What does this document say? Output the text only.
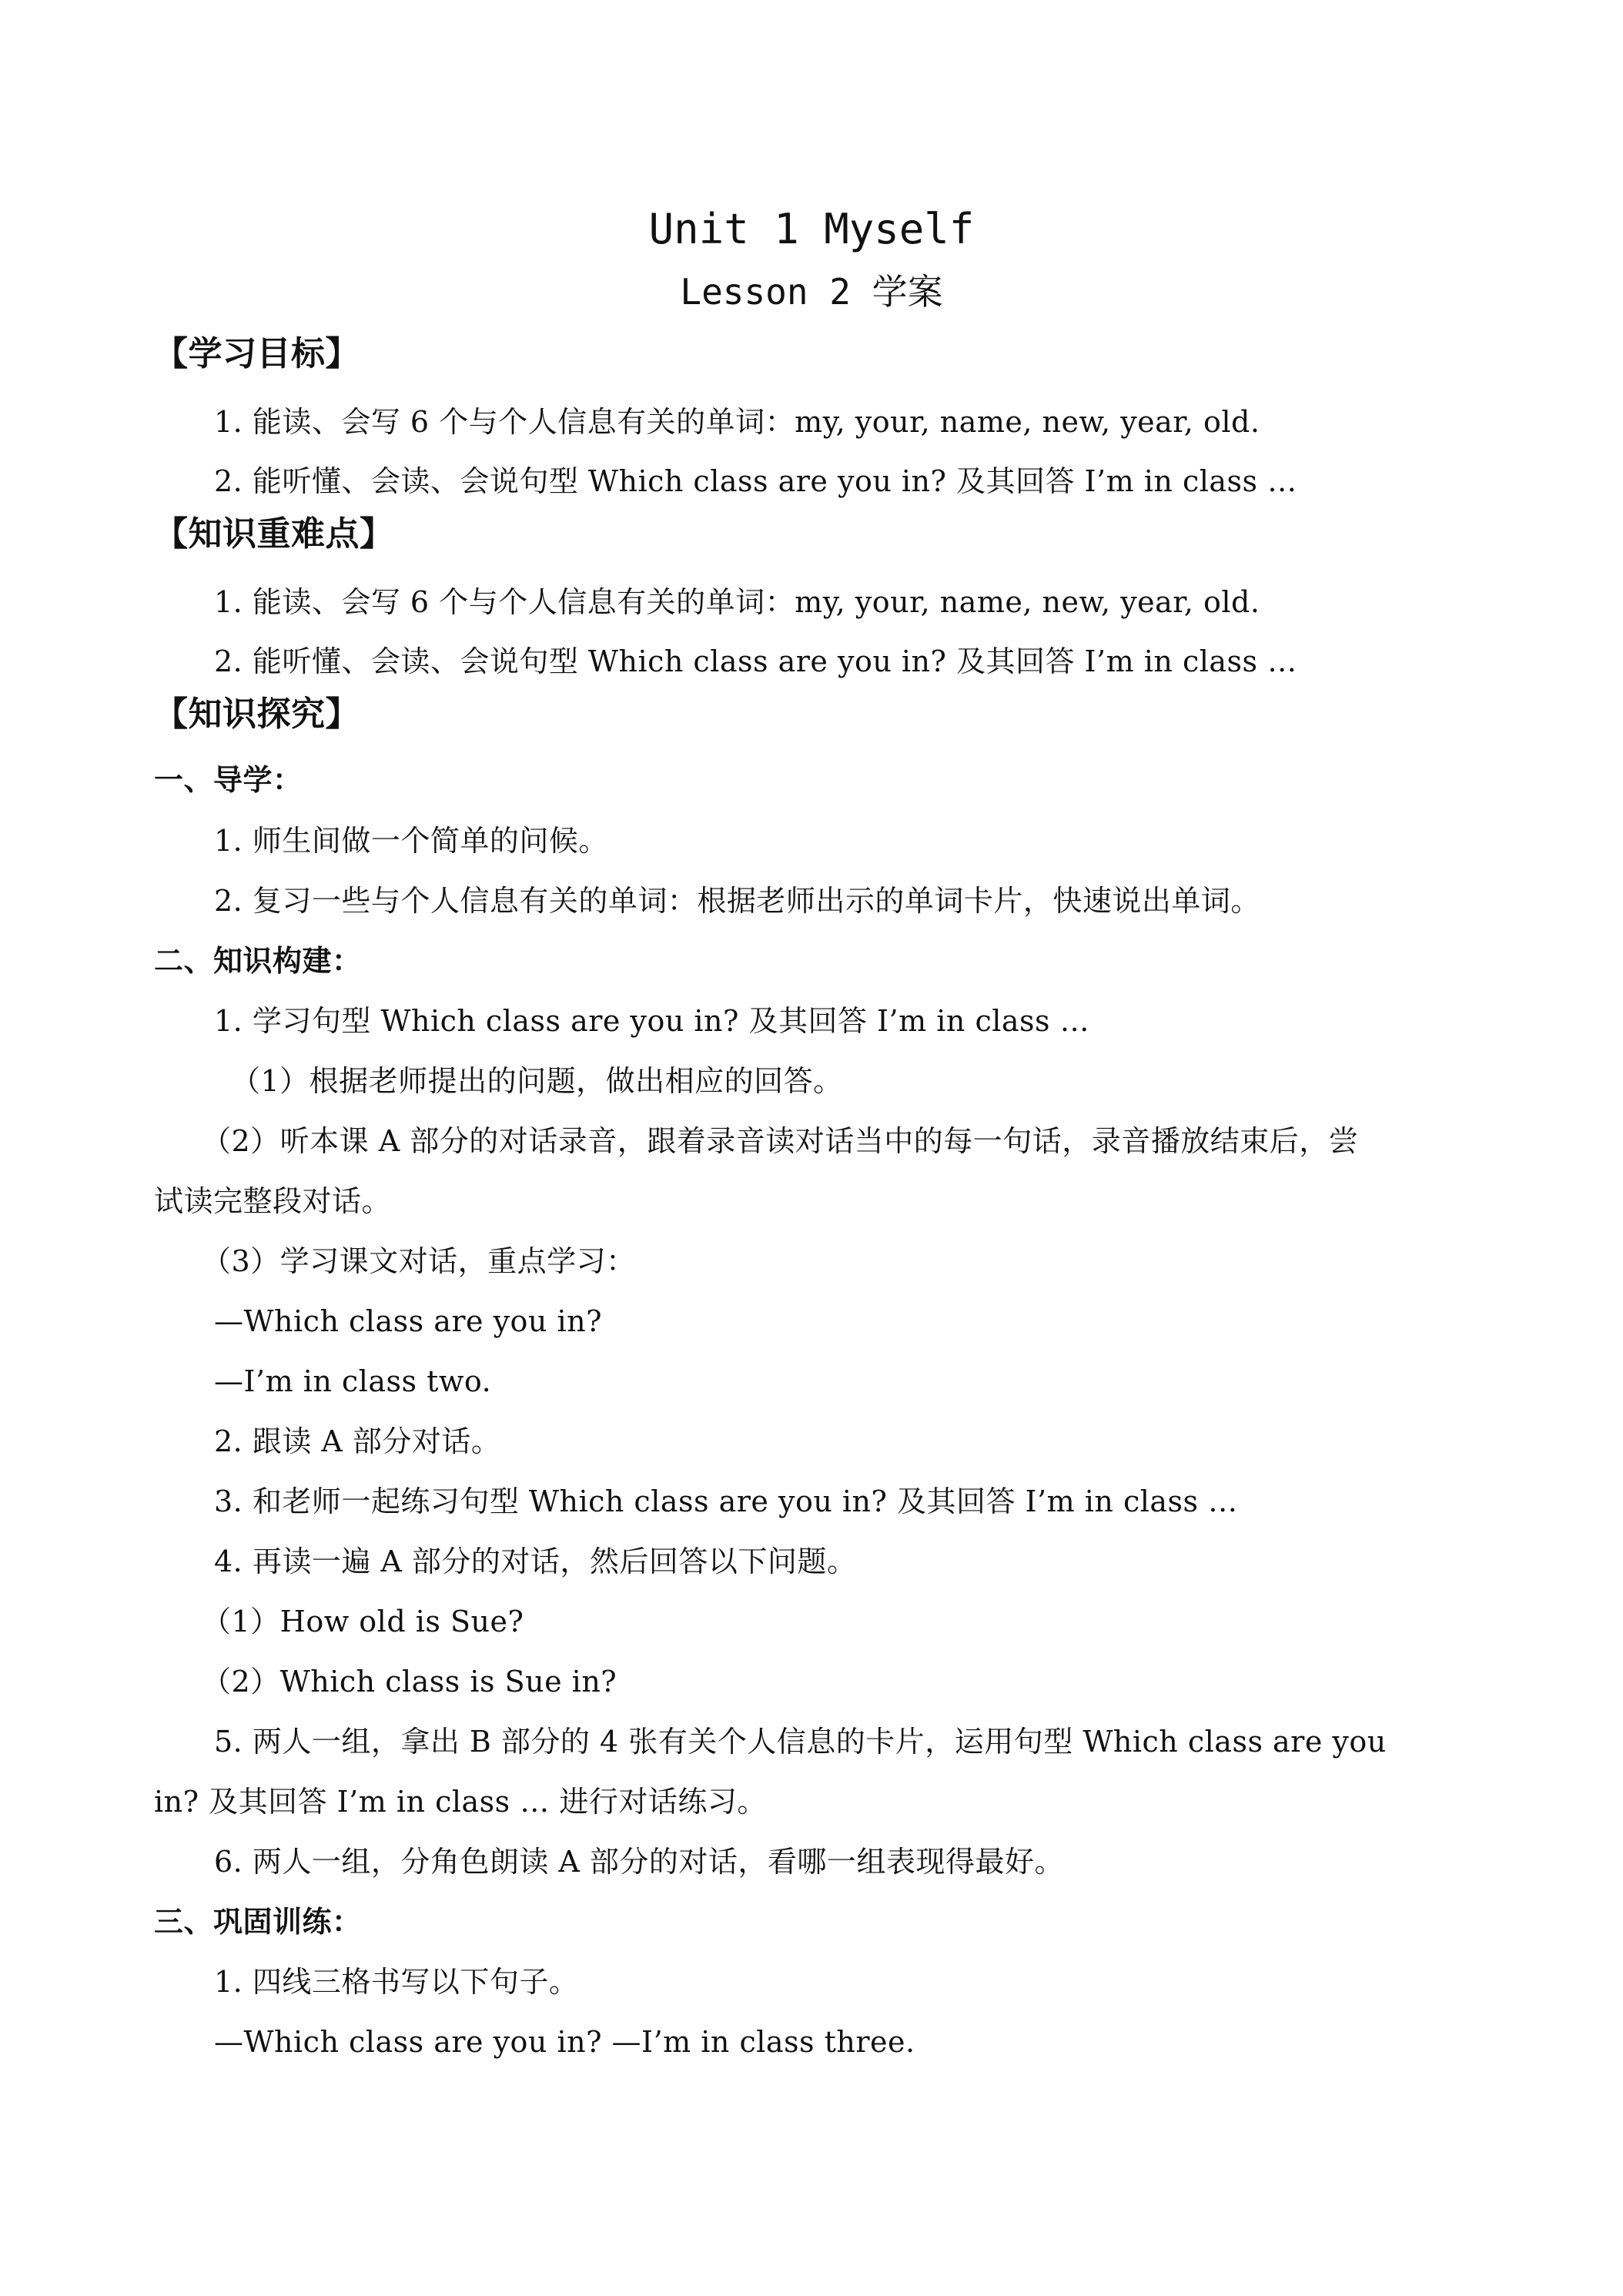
Unit 1 Myself
Lesson 2 学案
【学习目标】
1. 能读、会写 6 个与个人信息有关的单词：my, your, name, new, year, old.
2. 能听懂、会读、会说句型 Which class are you in? 及其回答 I’m in class …
【知识重难点】
1. 能读、会写 6 个与个人信息有关的单词：my, your, name, new, year, old.
2. 能听懂、会读、会说句型 Which class are you in? 及其回答 I’m in class …
【知识探究】
一、导学：
1. 师生间做一个简单的问候。
2. 复习一些与个人信息有关的单词：根据老师出示的单词卡片，快速说出单词。
二、知识构建：
1. 学习句型 Which class are you in? 及其回答 I’m in class …
（1）根据老师提出的问题，做出相应的回答。
（2）听本课 A 部分的对话录音，跟着录音读对话当中的每一句话，录音播放结束后，尝
试读完整段对话。
（3）学习课文对话，重点学习：
—Which class are you in?
—I’m in class two.
2. 跟读 A 部分对话。
3. 和老师一起练习句型 Which class are you in? 及其回答 I’m in class …
4. 再读一遍 A 部分的对话，然后回答以下问题。
（1）How old is Sue?
（2）Which class is Sue in?
5. 两人一组，拿出 B 部分的 4 张有关个人信息的卡片，运用句型 Which class are you
in? 及其回答 I’m in class … 进行对话练习。
6. 两人一组，分角色朗读 A 部分的对话，看哪一组表现得最好。
三、巩固训练：
1. 四线三格书写以下句子。
—Which class are you in? —I’m in class three.
